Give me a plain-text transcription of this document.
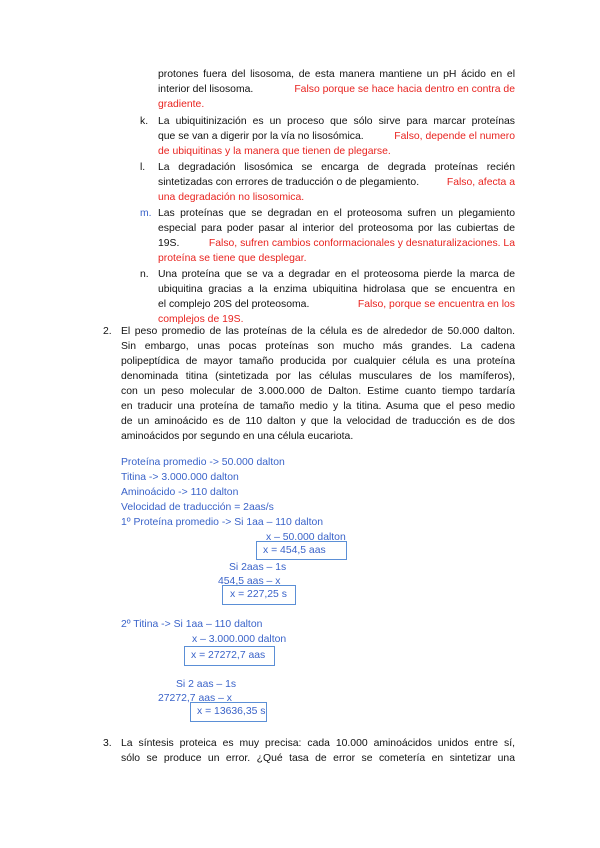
protones fuera del lisosoma, de esta manera mantiene un pH ácido en el
interior del lisosoma.	Falso porque se hace hacia dentro en contra de
gradiente.
k. La ubiquitinización es un proceso que sólo sirve para marcar proteínas
que se van a digerir por la vía no lisosómica.	Falso, depende el numero
de ubiquitinas y la manera que tienen de plegarse.
l. La degradación lisosómica se encarga de degrada proteínas recién
sintetizadas con errores de traducción o de plegamiento.	Falso, afecta a
una degradación no lisosomica.
m. Las proteínas que se degradan en el proteosoma sufren un plegamiento
especial para poder pasar al interior del proteosoma por las cubiertas de
19S.	Falso, sufren cambios conformacionales y desnaturalizaciones. La
proteína se tiene que desplegar.
n. Una proteína que se va a degradar en el proteosoma pierde la marca de
ubiquitina gracias a la enzima ubiquitina hidrolasa que se encuentra en
el complejo 20S del proteosoma.	Falso, porque se encuentra en los
complejos de 19S.
2. El peso promedio de las proteínas de la célula es de alrededor de 50.000 dalton.
Sin embargo, unas pocas proteínas son mucho más grandes. La cadena
polipeptídica de mayor tamaño producida por cualquier célula es una proteína
denominada titina (sintetizada por las células musculares de los mamíferos),
con un peso molecular de 3.000.000 de Dalton. Estime cuanto tiempo tardaría
en traducir una proteína de tamaño medio y la titina. Asuma que el peso medio
de un aminoácido es de 110 dalton y que la velocidad de traducción es de dos
aminoácidos por segundo en una célula eucariota.
Proteína promedio -> 50.000 dalton
Titina -> 3.000.000 dalton
Aminoácido -> 110 dalton
Velocidad de traducción = 2aas/s
1º Proteína promedio -> Si 1aa – 110 dalton
x – 50.000 dalton
x = 454,5 aas
Si 2aas – 1s
454,5 aas – x
x = 227,25 s
2º Titina -> Si 1aa – 110 dalton
x – 3.000.000 dalton
x = 27272,7 aas
Si 2 aas – 1s
27272,7 aas – x
x = 13636,35 s
3. La síntesis proteica es muy precisa: cada 10.000 aminoácidos unidos entre sí,
sólo se produce un error. ¿Qué tasa de error se cometería en sintetizar una
